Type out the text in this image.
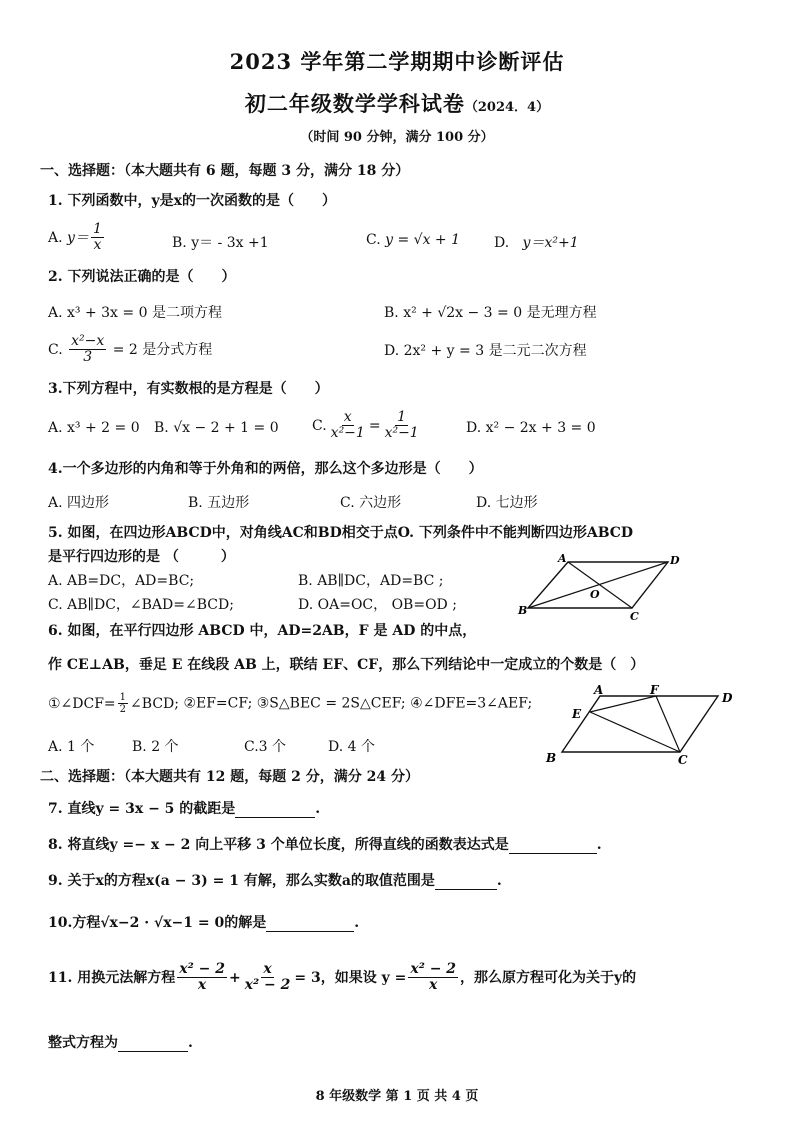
2023 学年第二学期期中诊断评估
初二年级数学学科试卷（2024．4）
（时间 90 分钟，满分 100 分）
一、选择题：（本大题共有 6 题，每题 3 分，满分 18 分）
1. 下列函数中，y是x的一次函数的是（　　）
A. $y= \frac{1}{x}$	B. y＝ - 3x +1	C. y = √x + 1 D. y＝x²+1
2. 下列说法正确的是（　　）
A. x³ + 3x = 0 是二项方程	B. x² + √2x − 3 = 0 是无理方程
C. $\frac{\text{x²−x}}{3} = 2$ 是分式方程	D. 2x² + y = 3 是二元二次方程
3.下列方程中，有实数根的是方程是（　　）
A. x³ + 2 = 0 B. √x − 2 + 1 = 0 C. $\frac{x}{\text{x²−1}} = \frac{1}{\text{x²−1}}$	D. x² − 2x + 3 = 0
4.一个多边形的内角和等于外角和的两倍，那么这个多边形是（　　）
A. 四边形	B. 五边形	C. 六边形	D. 七边形
5. 如图，在四边形ABCD中，对角线AC和BD相交于点O. 下列条件中不能判断四边形ABCD
是平行四边形的是 （　　　）
A. AB=DC，AD=BC;	B. AB∥DC，AD=BC ;
C. AB∥DC，∠BAD=∠BCD;	D. OA=OC， OB=OD ;
A	D
B	C
O
6. 如图，在平行四边形 ABCD 中，AD=2AB，F 是 AD 的中点，
作 CE⊥AB，垂足 E 在线段 AB 上，联结 EF、CF，那么下列结论中一定成立的个数是（　）
①∠DCF= $\frac{1}{2}$ ∠BCD; ②EF=CF; ③S△BEC = 2S△CEF; ④∠DFE=3∠AEF;
A. 1 个	B. 2 个	C.3 个	D. 4 个
A	F
D
E
B	C
二、选择题：（本大题共有 12 题，每题 2 分，满分 24 分）
7. 直线y = 3x − 5 的截距是	.
8. 将直线y =− x − 2 向上平移 3 个单位长度，所得直线的函数表达式是	.
9. 关于x的方程x(a − 3) = 1 有解，那么实数a的取值范围是	.
10.方程√x−2 · √x−1 = 0的解是	.
11. 用换元法解方程 $\frac{\text{x² − 2}}{x} + \frac{x}{\text{x² − 2}} = 3$，如果设 $y = \frac{\text{x² − 2}}{x}$ ，那么原方程可化为关于y的
整式方程为	.
8 年级数学 第 1 页 共 4 页
